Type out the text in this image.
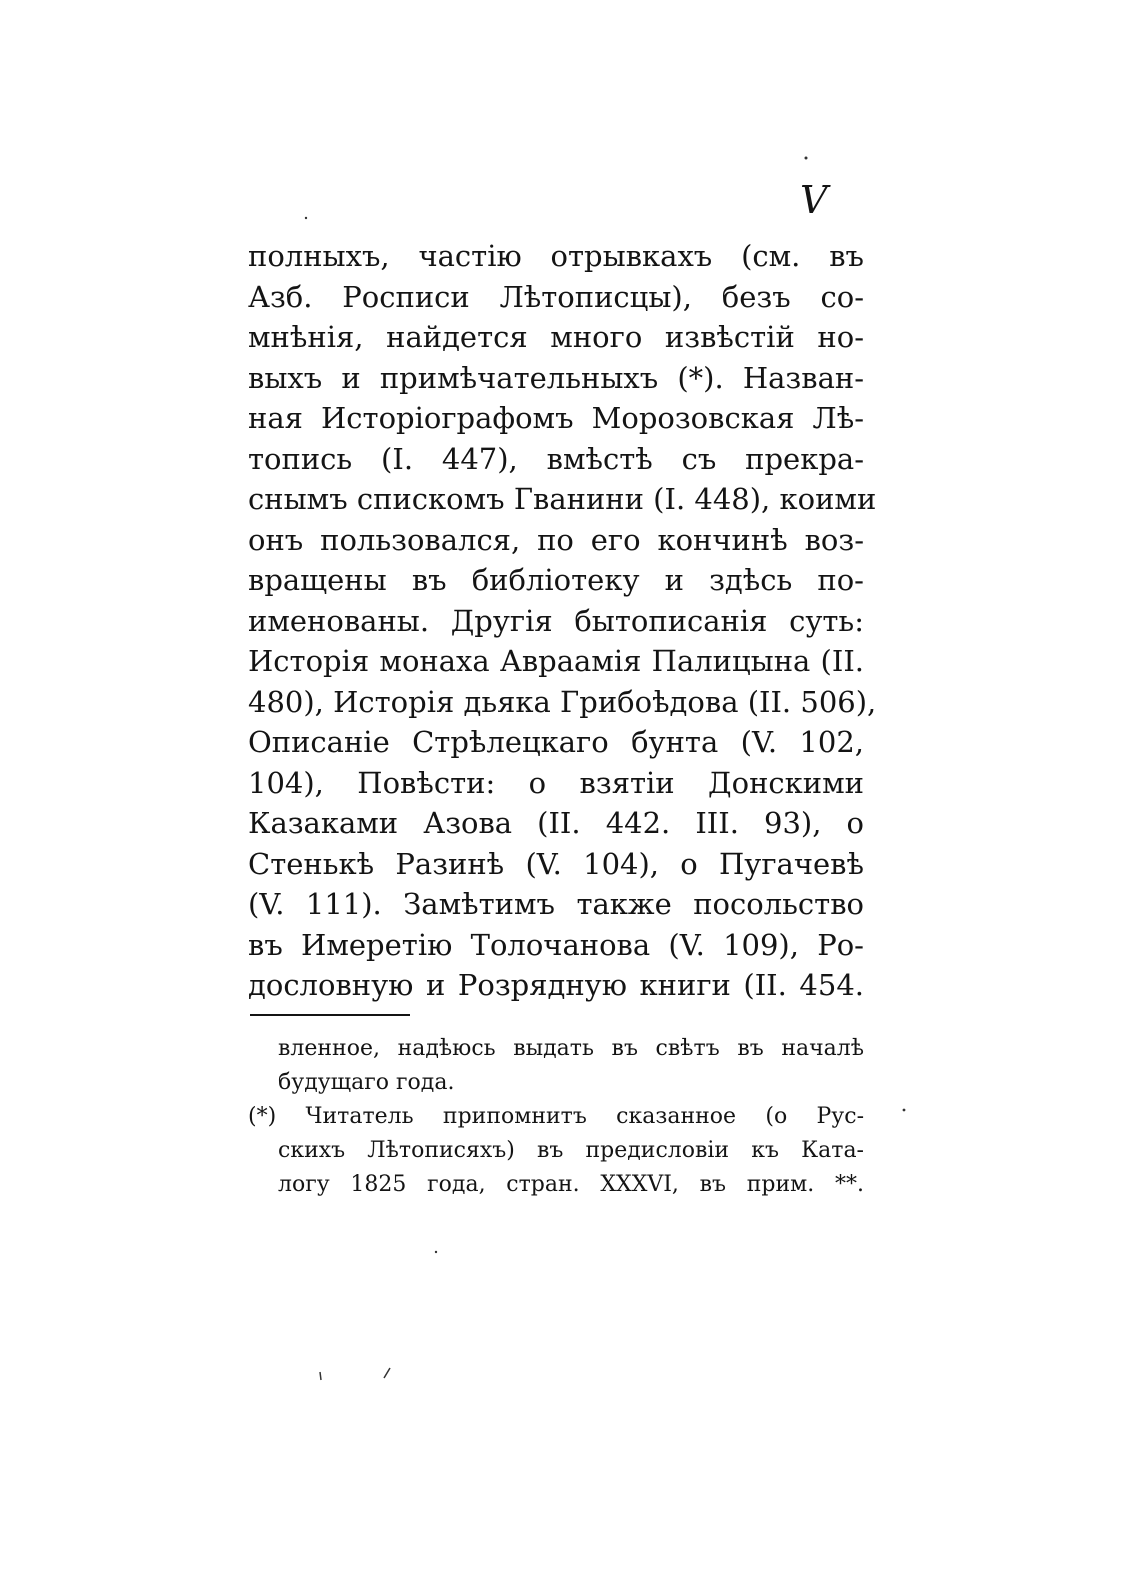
V
полныхъ, частію отрывкахъ (см. въ
Азб. Росписи Лѣтописцы), безъ со-
мнѣнія, найдется много извѣстій но-
выхъ и примѣчательныхъ (*). Назван-
ная Исторіографомъ Морозовская Лѣ-
топись (I. 447), вмѣстѣ съ прекра-
снымъ спискомъ Гванини (I. 448), коими
онъ пользовался, по его кончинѣ воз-
вращены въ библіотеку и здѣсь по-
именованы. Другія бытописанія суть:
Исторія монаха Авраамія Палицына (II.
480), Исторія дьяка Грибоѣдова (II. 506),
Описаніе Стрѣлецкаго бунта (V. 102,
104), Повѣсти: о взятіи Донскими
Казаками Азова (II. 442. III. 93), о
Стенькѣ Разинѣ (V. 104), о Пугачевѣ
(V. 111). Замѣтимъ также посольство
въ Имеретію Толочанова (V. 109), Ро-
дословную и Розрядную книги (II. 454.
вленное, надѣюсь выдать въ свѣтъ въ началѣ
будущаго года.
(*) Читатель припомнитъ сказанное (о Рус-
скихъ Лѣтописяхъ) въ предисловіи къ Ката-
логу 1825 года, стран. XXXVI, въ прим. **.
